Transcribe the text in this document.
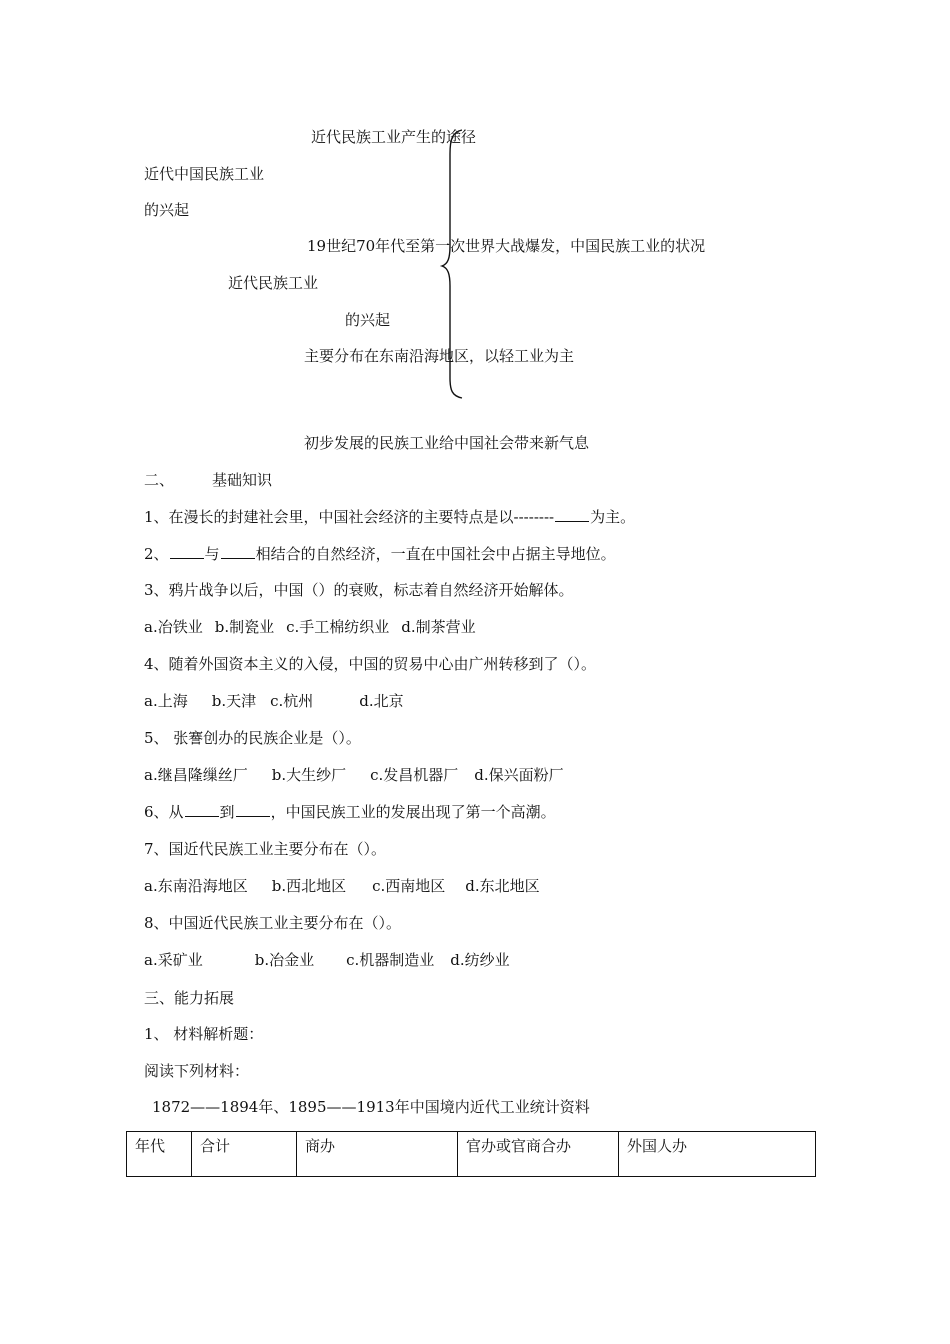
近代民族工业产生的途径
近代中国民族工业
的兴起
19世纪70年代至第一次世界大战爆发，中国民族工业的状况
近代民族工业
的兴起
主要分布在东南沿海地区，以轻工业为主
初步发展的民族工业给中国社会带来新气息
二、	基础知识
1、在漫长的封建社会里，中国社会经济的主要特点是以-------- 为主。
2、 与 相结合的自然经济，一直在中国社会中占据主导地位。
3、鸦片战争以后，中国（）的衰败，标志着自然经济开始解体。
a.冶铁业 b.制瓷业 c.手工棉纺织业 d.制茶营业
4、随着外国资本主义的入侵，中国的贸易中心由广州转移到了（）。
a.上海 b.天津 c.杭州	d.北京
5、 张謇创办的民族企业是（）。
a.继昌隆缫丝厂 b.大生纱厂 c.发昌机器厂 d.保兴面粉厂
6、从 到 ，中国民族工业的发展出现了第一个高潮。
7、国近代民族工业主要分布在（）。
a.东南沿海地区 b.西北地区 c.西南地区 d.东北地区
8、中国近代民族工业主要分布在（）。
a.采矿业	b.冶金业 c.机器制造业 d.纺纱业
三、能力拓展
1、 材料解析题：
阅读下列材料：
1872——1894年、1895——1913年中国境内近代工业统计资料
年代	合计	商办	官办或官商合办	外国人办
